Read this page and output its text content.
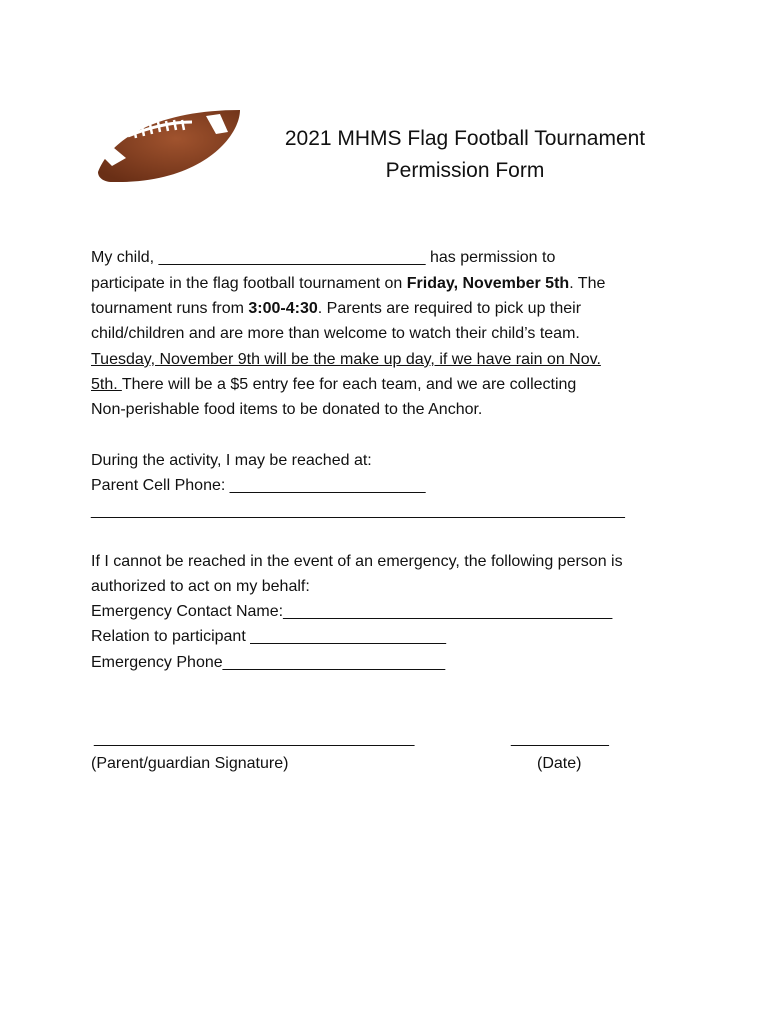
2021 MHMS Flag Football Tournament
Permission Form
My child, ______________________________ has permission to
participate in the flag football tournament on Friday, November 5th. The
tournament runs from 3:00-4:30. Parents are required to pick up their
child/children and are more than welcome to watch their child’s team.
Tuesday, November 9th will be the make up day, if we have rain on Nov.
5th. There will be a $5 entry fee for each team, and we are collecting
Non-perishable food items to be donated to the Anchor.
During the activity, I may be reached at:
Parent Cell Phone: ______________________
____________________________________________________________
If I cannot be reached in the event of an emergency, the following person is
authorized to act on my behalf:
Emergency Contact Name:_____________________________________
Relation to participant ______________________
Emergency Phone_________________________
____________________________________
(Parent/guardian Signature)
___________
(Date)
